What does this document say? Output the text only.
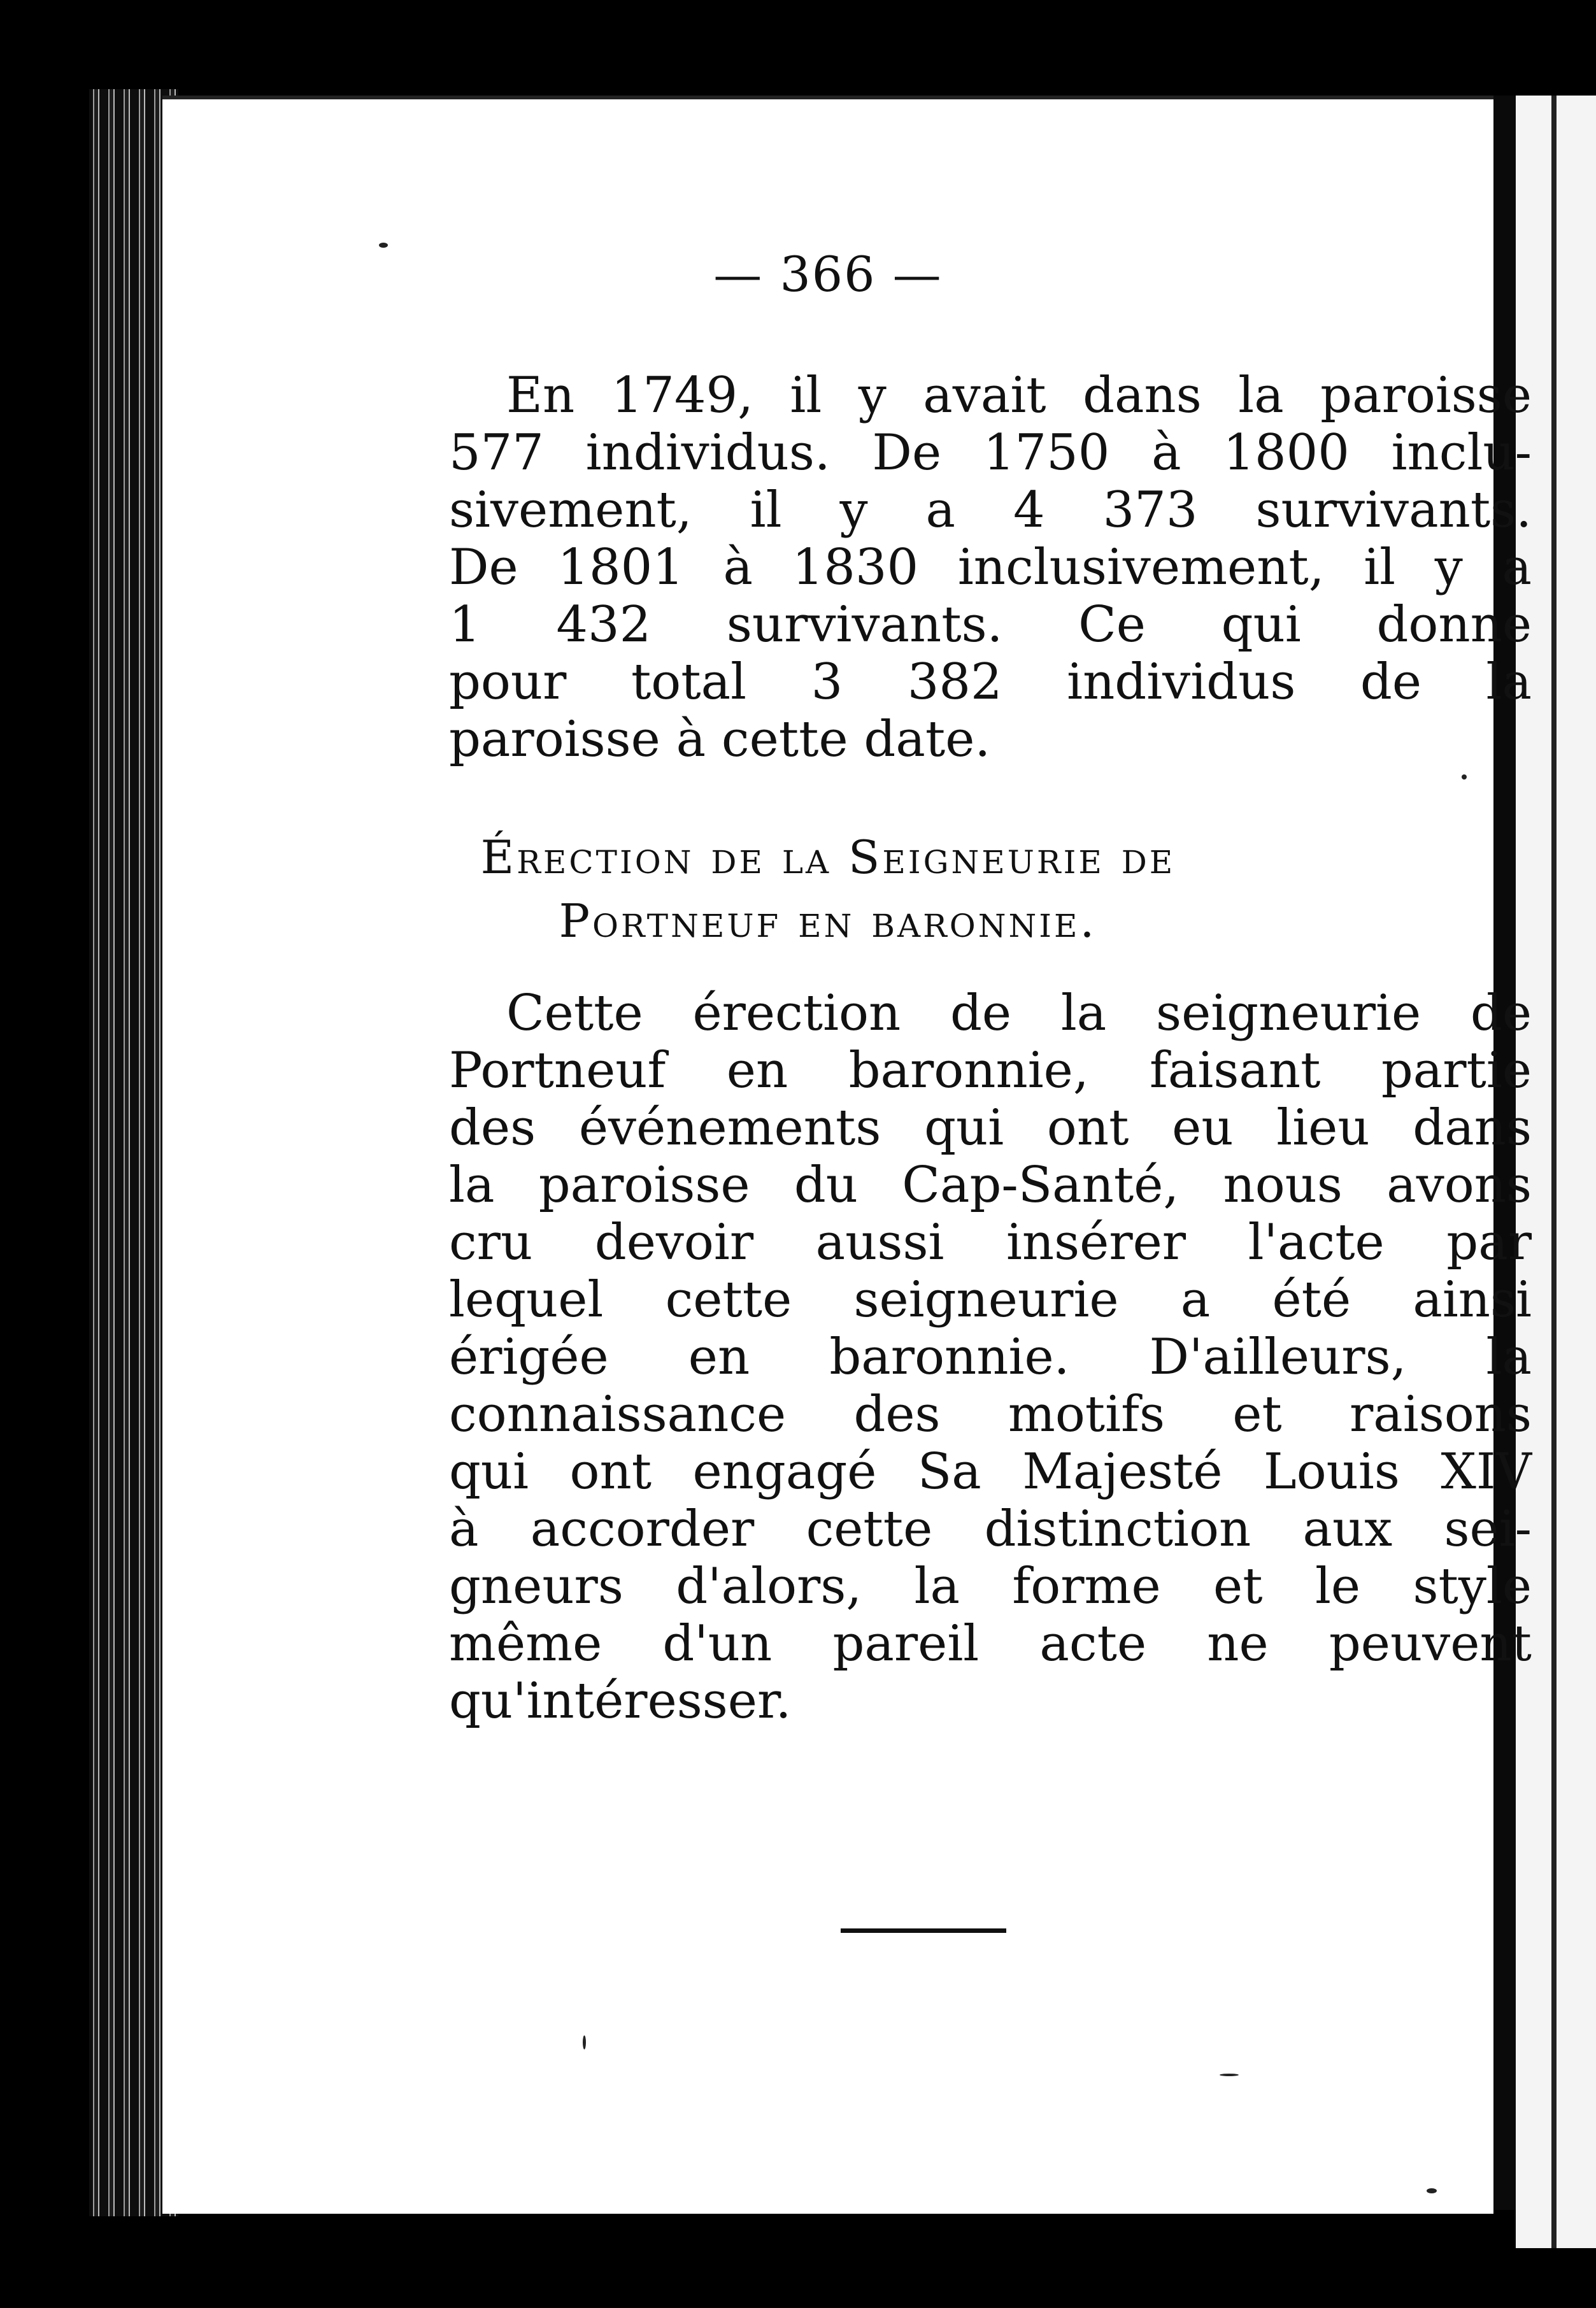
— 366 —

En 1749, il y avait dans la paroisse
577 individus. De 1750 à 1800 inclu-
sivement, il y a 4 373 survivants.
De 1801 à 1830 inclusivement, il y a
1 432 survivants. Ce qui donne
pour total 3 382 individus de la
paroisse à cette date.

Érection de la Seigneurie de
Portneuf en baronnie.

Cette érection de la seigneurie de
Portneuf en baronnie, faisant partie
des événements qui ont eu lieu dans
la paroisse du Cap-Santé, nous avons
cru devoir aussi insérer l'acte par
lequel cette seigneurie a été ainsi
érigée en baronnie. D'ailleurs, la
connaissance des motifs et raisons
qui ont engagé Sa Majesté Louis XIV
à accorder cette distinction aux sei-
gneurs d'alors, la forme et le style
même d'un pareil acte ne peuvent
qu'intéresser.
